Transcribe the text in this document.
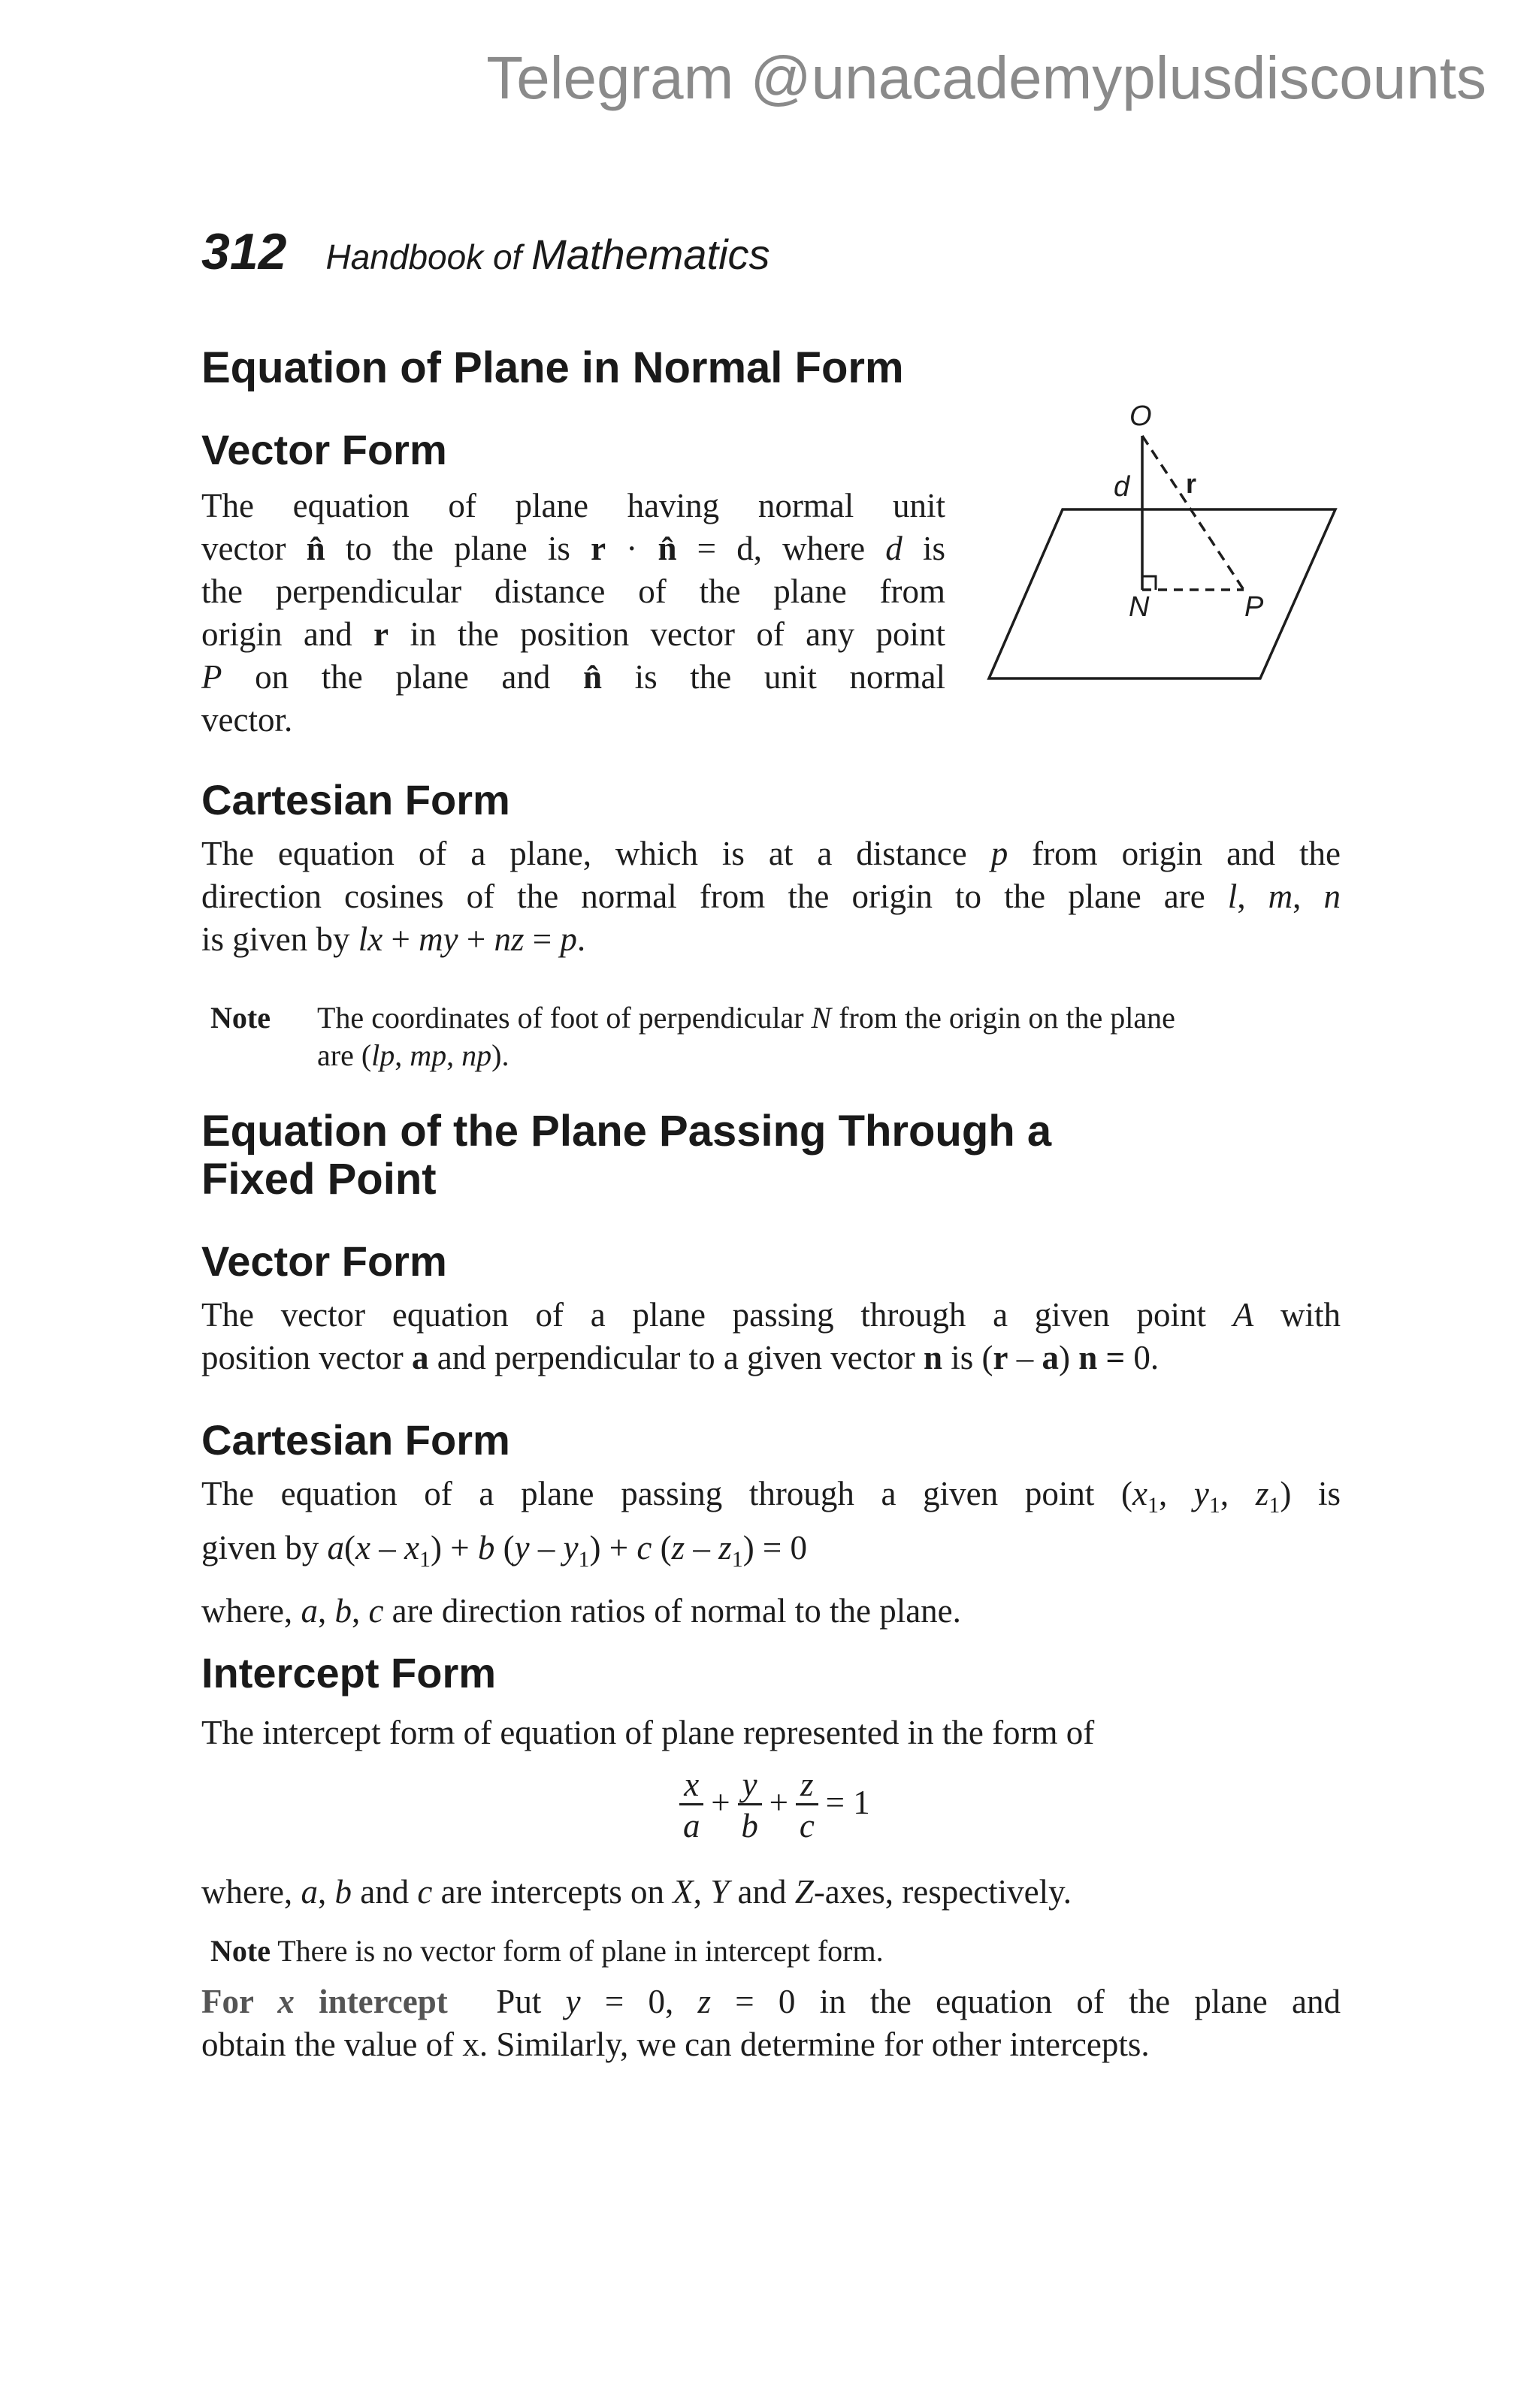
Telegram @unacademyplusdiscounts
312 Handbook of Mathematics
Equation of Plane in Normal Form
Vector Form
The equation of plane having normal unit
vector n̂ to the plane is r · n̂ = d, where d is
the perpendicular distance of the plane from
origin and r in the position vector of any point
P on the plane and n̂ is the unit normal
vector.
Cartesian Form
The equation of a plane, which is at a distance p from origin and the
direction cosines of the normal from the origin to the plane are l, m, n
is given by lx + my + nz = p.
Note The coordinates of foot of perpendicular N from the origin on the plane
are (lp, mp, np).
Equation of the Plane Passing Through a
Fixed Point
Vector Form
The vector equation of a plane passing through a given point A with
position vector a and perpendicular to a given vector n is (r – a) n = 0.
Cartesian Form
The equation of a plane passing through a given point ($x_1$, $y_1$, $z_1$) is
given by $a(x - x_1) + b$ $(y - y_1) + c$ $(z - z_1) = 0$
where, a, b, c are direction ratios of normal to the plane.
Intercept Form
The intercept form of equation of plane represented in the form of
$\frac{x}{a} + \frac{y}{b} + \frac{z}{c} = 1$
where, a, b and c are intercepts on X, Y and Z-axes, respectively.
Note There is no vector form of plane in intercept form.
For x intercept  Put y = 0, z = 0 in the equation of the plane and
obtain the value of x. Similarly, we can determine for other intercepts.
O
d r
N	P
